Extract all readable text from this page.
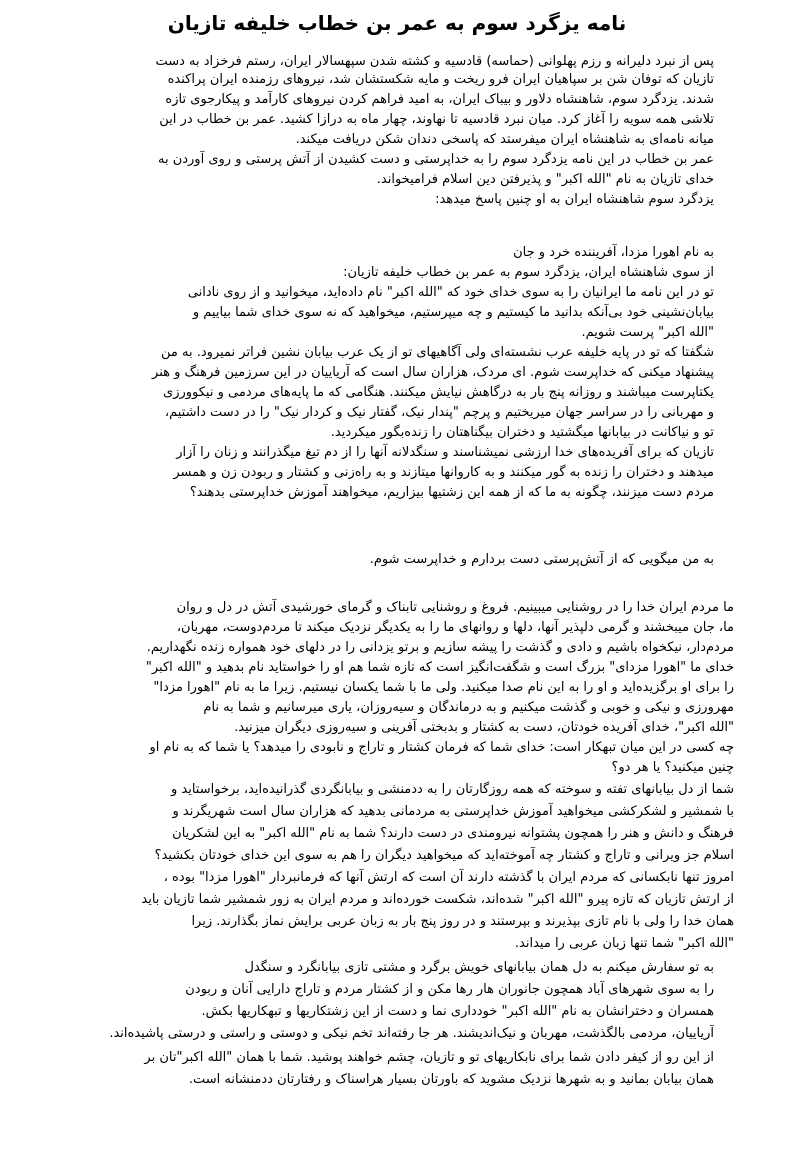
نامه یزگرد سوم به عمر بن خطاب خلیفه تازیان
پس از نبرد دلیرانه و رزم پهلوانی (حماسه) قادسیه و کشته شدن سپهسالار ایران، رستم فرخزاد به دست
تازیان که توفان شن بر سپاهیان ایران فرو ریخت و مایه شکستشان شد، نیروهای رزمنده ایران پراکنده
شدند. یزدگرد سوم، شاهنشاه دلاور و بیباک ایران، به امید فراهم کردن نیروهای کارآمد و پیکارجوی تازه
تلاشی همه سویه را آغاز کرد. میان نبرد قادسیه تا نهاوند، چهار ماه به درازا کشید. عمر بن خطاب در این
میانه نامه‌ای به شاهنشاه ایران میفرستد که پاسخی دندان شکن دریافت میکند.
عمر بن خطاب در این نامه یزدگرد سوم را به خداپرستی و دست کشیدن از آتش پرستی و روی آوردن به
خدای تازیان به نام "الله اکبر" و پذیرفتن دین اسلام فرامیخواند.
یزدگرد سوم شاهنشاه ایران به او چنین پاسخ میدهد:
به نام اهورا مزدا، آفریننده خرد و جان
از سوی شاهنشاه ایران، یزدگرد سوم به عمر بن خطاب خلیفه تازیان:
تو در این نامه ما ایرانیان را به سوی خدای خود که "الله اکبر" نام داده‌اید، میخوانید و از روی نادانی
بیابان‌نشینی خود بی‌آنکه بدانید ما کیستیم و چه میپرستیم، میخواهید که نه سوی خدای شما بیاییم و
"الله اکبر" پرست شویم.
شگفتا که تو در پایه خلیفه عرب نشسته‌ای ولی آگاهیهای تو از یک عرب بیابان نشین فراتر نمیرود. به من
پیشنهاد میکنی که خداپرست شوم. ای مردک، هزاران سال است که آریاییان در این سرزمین فرهنگ و هنر
یکتاپرست میباشند و روزانه پنج بار به درگاهش نیایش میکنند. هنگامی که ما پایه‌های مردمی و نیکوورزی
و مهربانی را در سراسر جهان میریختیم و پرچم "پندار نیک، گفتار نیک و کردار نیک" را در دست داشتیم،
تو و نیاکانت در بیابانها میگشتید و دختران بیگناهتان را زنده‌بگور میکردید.
تازیان که برای آفریده‌های خدا ارزشی نمیشناسند و سنگدلانه آنها را از دم تیغ میگذرانند و زنان را آزار
میدهند و دختران را زنده به گور میکنند و به کاروانها میتازند و به راه‌زنی و کشتار و ربودن زن و همسر
مردم دست میزنند، چگونه به ما که از همه این زشتیها بیزاریم، میخواهند آموزش خداپرستی بدهند؟
به من میگویی که از آتش‌پرستی دست بردارم و خداپرست شوم.
ما مردم ایران خدا را در روشنایی میبینیم. فروغ و روشنایی تابناک و گرمای خورشیدی آتش در دل و روان
ما، جان میبخشند و گرمی دلپذیر آنها، دلها و روانهای ما را به یکدیگر نزدیک میکند تا مردم‌دوست، مهربان،
مردم‌دار، نیکخواه باشیم و دادی و گذشت را پیشه سازیم و برتو یزدانی را در دلهای خود همواره زنده نگهداریم.
خدای ما "اهورا مزدای" بزرگ است و شگفت‌انگیز است که تازه شما هم او را خواستاید نام بدهید و "الله اکبر"
را برای او برگزیده‌اید و او را به این نام صدا میکنید. ولی ما با شما یکسان نیستیم. زیرا ما به نام "اهورا مزدا"
مهرورزی و نیکی و خوبی و گذشت میکنیم و به درماندگان و سیه‌روزان، یاری میرسانیم و شما به نام
"الله اکبر"، خدای آفریده خودتان، دست به کشتار و بدبختی آفرینی و سیه‌روزی دیگران میزنید.
چه کسی در این میان تبهکار است: خدای شما که فرمان کشتار و تاراج و نابودی را میدهد؟ یا شما که به نام او
چنین میکنید؟ یا هر دو؟
شما از دل بیابانهای تفته و سوخته که همه روزگارتان را به ددمنشی و بیابانگردی گذرانیده‌اید، برخواستاید و
با شمشیر و لشکرکشی میخواهید آموزش خداپرستی به مردمانی بدهید که هزاران سال است شهریگرند و
فرهنگ و دانش و هنر را همچون پشتوانه نیرومندی در دست دارند؟ شما به نام "الله اکبر" به این لشکریان
اسلام جز ویرانی و تاراج و کشتار چه آموخته‌اید که میخواهید دیگران را هم به سوی این خدای خودتان بکشید؟
امروز تنها نابکسانی که مردم ایران با گذشته دارند آن است که ارتش آنها که فرمانبردار "اهورا مزدا" بوده ،
از ارتش تازیان که تازه پیرو "الله اکبر" شده‌اند، شکست خورده‌اند و مردم ایران به زور شمشیر شما تازیان باید
همان خدا را ولی با نام تازی بپذیرند و بپرستند و در روز پنج بار به زبان عربی برایش نماز بگذارند. زیرا
"الله اکبر" شما تنها زبان عربی را میداند.
به تو سفارش میکنم به دل همان بیابانهای خویش برگرد و مشتی تازی بیابانگرد و سنگدل
را به سوی شهرهای آباد همچون جانوران هار رها مکن و از کشتار مردم و تاراج دارایی آنان و ربودن
همسران و دخترانشان به نام "الله اکبر" خودداری نما و دست از این زشتکاریها و تبهکاریها بکش.
آریاییان، مردمی بالگذشت، مهربان و نیک‌اندیشند. هر جا رفته‌اند تخم نیکی و دوستی و راستی و درستی پاشیده‌اند.
از این رو از کیفر دادن شما برای نابکاریهای تو و تازیان، چشم خواهند پوشید. شما با همان "الله اکبر"تان بر
همان بیابان بمانید و به شهرها نزدیک مشوید که باورتان بسیار هراسناک و رفتارتان ددمنشانه است.
